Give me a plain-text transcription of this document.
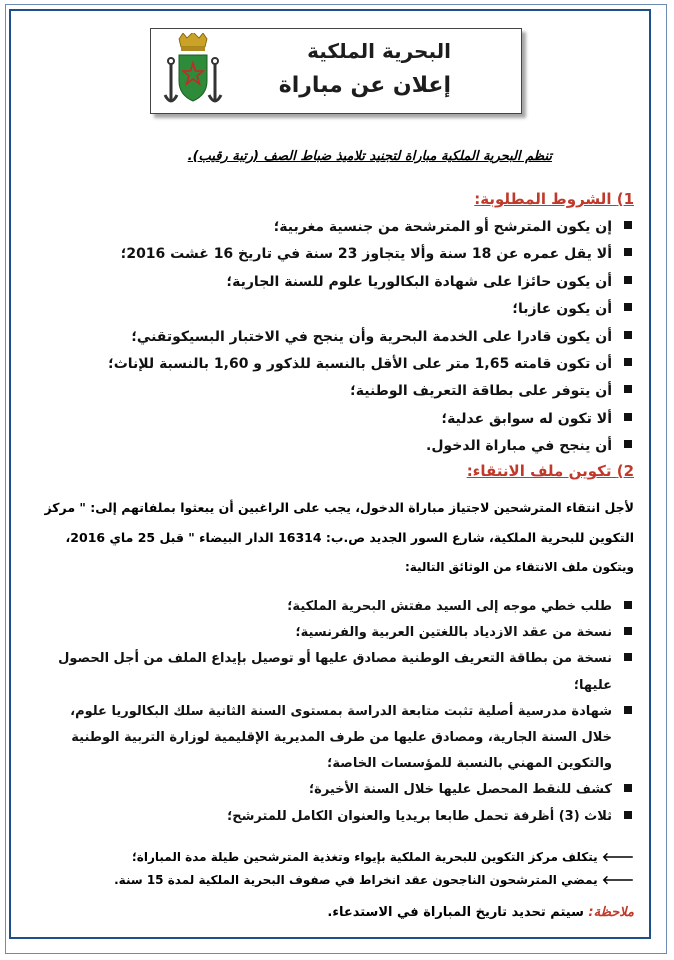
البحرية الملكية
إعلان عن مباراة
تنظم البحرية الملكية مباراة لتجنيد تلاميذ ضباط الصف (رتبة رقيب).
1) الشروط المطلوبة:
إن يكون المترشح أو المترشحة من جنسية مغربية؛
ألا يقل عمره عن 18 سنة وألا يتجاوز 23 سنة في تاريخ 16 غشت 2016؛
أن يكون حائزا على شهادة البكالوريا علوم للسنة الجارية؛
أن يكون عازبا؛
أن يكون قادرا على الخدمة البحرية وأن ينجح في الاختبار البسيكوتقني؛
أن تكون قامته 1,65 متر على الأقل بالنسبة للذكور و 1,60 بالنسبة للإناث؛
أن يتوفر على بطاقة التعريف الوطنية؛
ألا تكون له سوابق عدلية؛
أن ينجح في مباراة الدخول.
2) تكوين ملف الانتقاء:
لأجل انتقاء المترشحين لاجتياز مباراة الدخول، يجب على الراغبين أن يبعثوا بملفاتهم إلى: " مركز
التكوين للبحرية الملكية، شارع السور الجديد ص.ب: 16314 الدار البيضاء " قبل 25 ماي 2016،
ويتكون ملف الانتقاء من الوثائق التالية:
طلب خطي موجه إلى السيد مفتش البحرية الملكية؛
نسخة من عقد الازدياد باللغتين العربية والفرنسية؛
نسخة من بطاقة التعريف الوطنية مصادق عليها أو توصيل بإيداع الملف من أجل الحصول عليها؛
شهادة مدرسية أصلية تثبت متابعة الدراسة بمستوى السنة الثانية سلك البكالوريا علوم، خلال السنة الجارية، ومصادق عليها من طرف المديرية الإقليمية لوزارة التربية الوطنية والتكوين المهني بالنسبة للمؤسسات الخاصة؛
كشف للنقط المحصل عليها خلال السنة الأخيرة؛
ثلاث (3) أظرفة تحمل طابعا بريديا والعنوان الكامل للمترشح؛
🡐 يتكلف مركز التكوين للبحرية الملكية بإيواء وتغذية المترشحين طيلة مدة المباراة؛
🡐 يمضي المترشحون الناجحون عقد انخراط في صفوف البحرية الملكية لمدة 15 سنة.
ملاحظة: سيتم تحديد تاريخ المباراة في الاستدعاء.
